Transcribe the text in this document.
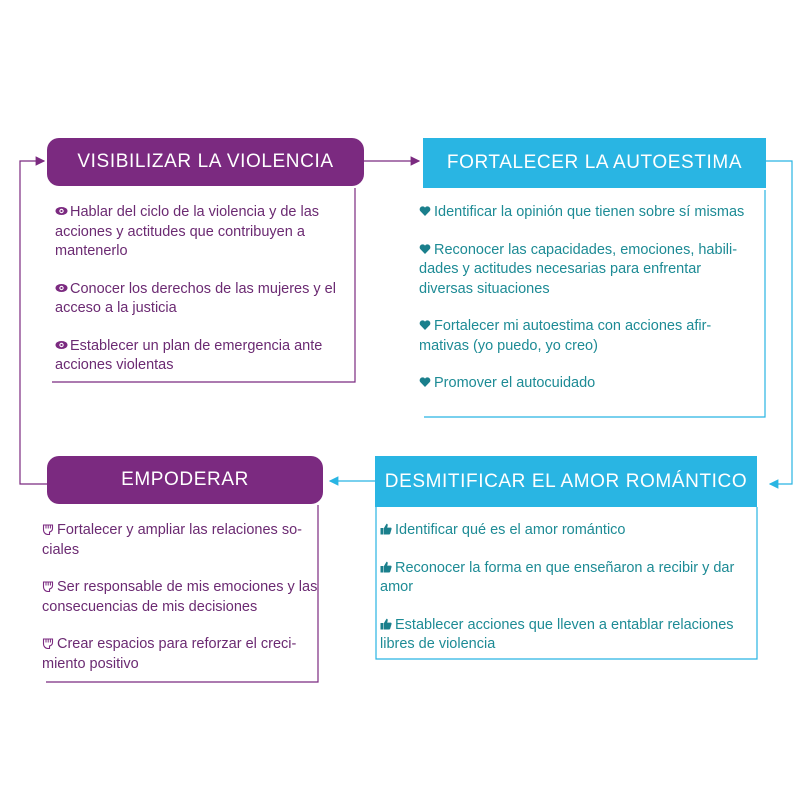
VISIBILIZAR LA VIOLENCIA
Hablar del ciclo de la violencia y de las acciones y actitudes que contribuyen a mantenerlo
Conocer los derechos de las mujeres y el acceso a la justicia
Establecer un plan de emergencia ante acciones violentas
FORTALECER LA AUTOESTIMA
Identificar la opinión que tienen sobre sí mismas
Reconocer las capacidades, emociones, habili-dades y actitudes necesarias para enfrentar diversas situaciones
Fortalecer mi autoestima con acciones afir-mativas (yo puedo, yo creo)
Promover el autocuidado
DESMITIFICAR EL AMOR ROMÁNTICO
Identificar qué es el amor romántico
Reconocer la forma en que enseñaron a recibir y dar amor
Establecer acciones que lleven a entablar relaciones libres de violencia
EMPODERAR
Fortalecer y ampliar las relaciones so-ciales
Ser responsable de mis emociones y las consecuencias de mis decisiones
Crear espacios para reforzar el creci-miento positivo
